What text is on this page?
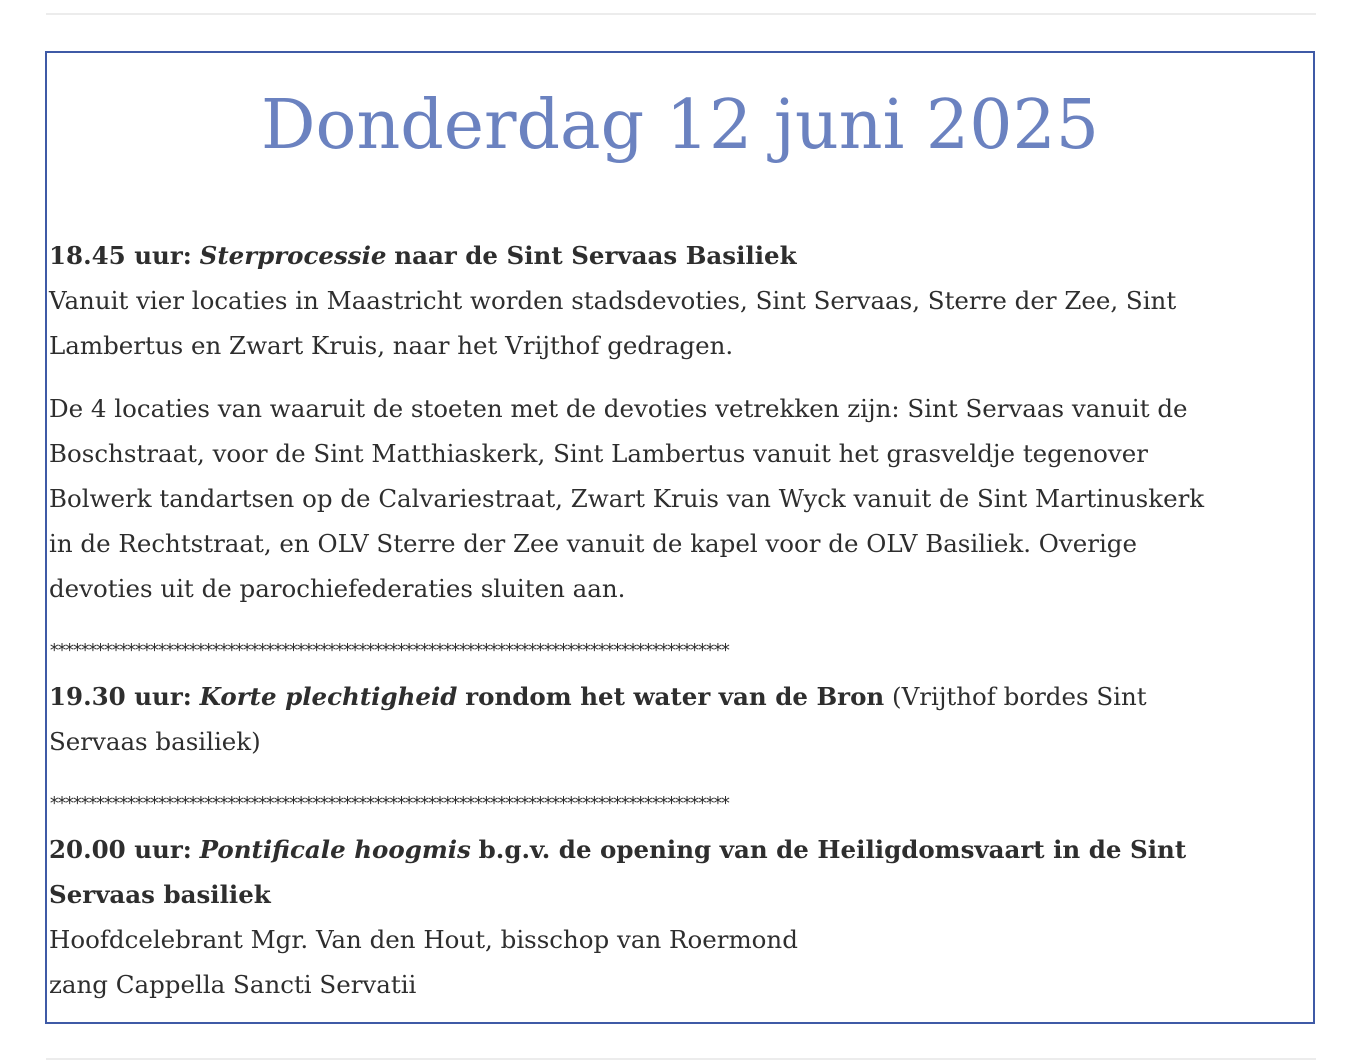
Donderdag 12 juni 2025

18.45 uur: Sterprocessie naar de Sint Servaas Basiliek

Vanuit vier locaties in Maastricht worden stadsdevoties, Sint Servaas, Sterre der Zee, Sint

Lambertus en Zwart Kruis, naar het Vrijthof gedragen.

De 4 locaties van waaruit de stoeten met de devoties vetrekken zijn: Sint Servaas vanuit de

Boschstraat, voor de Sint Matthiaskerk, Sint Lambertus vanuit het grasveldje tegenover

Bolwerk tandartsen op de Calvariestraat, Zwart Kruis van Wyck vanuit de Sint Martinuskerk

in de Rechtstraat, en OLV Sterre der Zee vanuit de kapel voor de OLV Basiliek. Overige

devoties uit de parochiefederaties sluiten aan.

****************************************************************************************

19.30 uur: Korte plechtigheid rondom het water van de Bron (Vrijthof bordes Sint

Servaas basiliek)

****************************************************************************************

20.00 uur: Pontificale hoogmis b.g.v. de opening van de Heiligdomsvaart in de Sint

Servaas basiliek

Hoofdcelebrant Mgr. Van den Hout, bisschop van Roermond

zang Cappella Sancti Servatii
